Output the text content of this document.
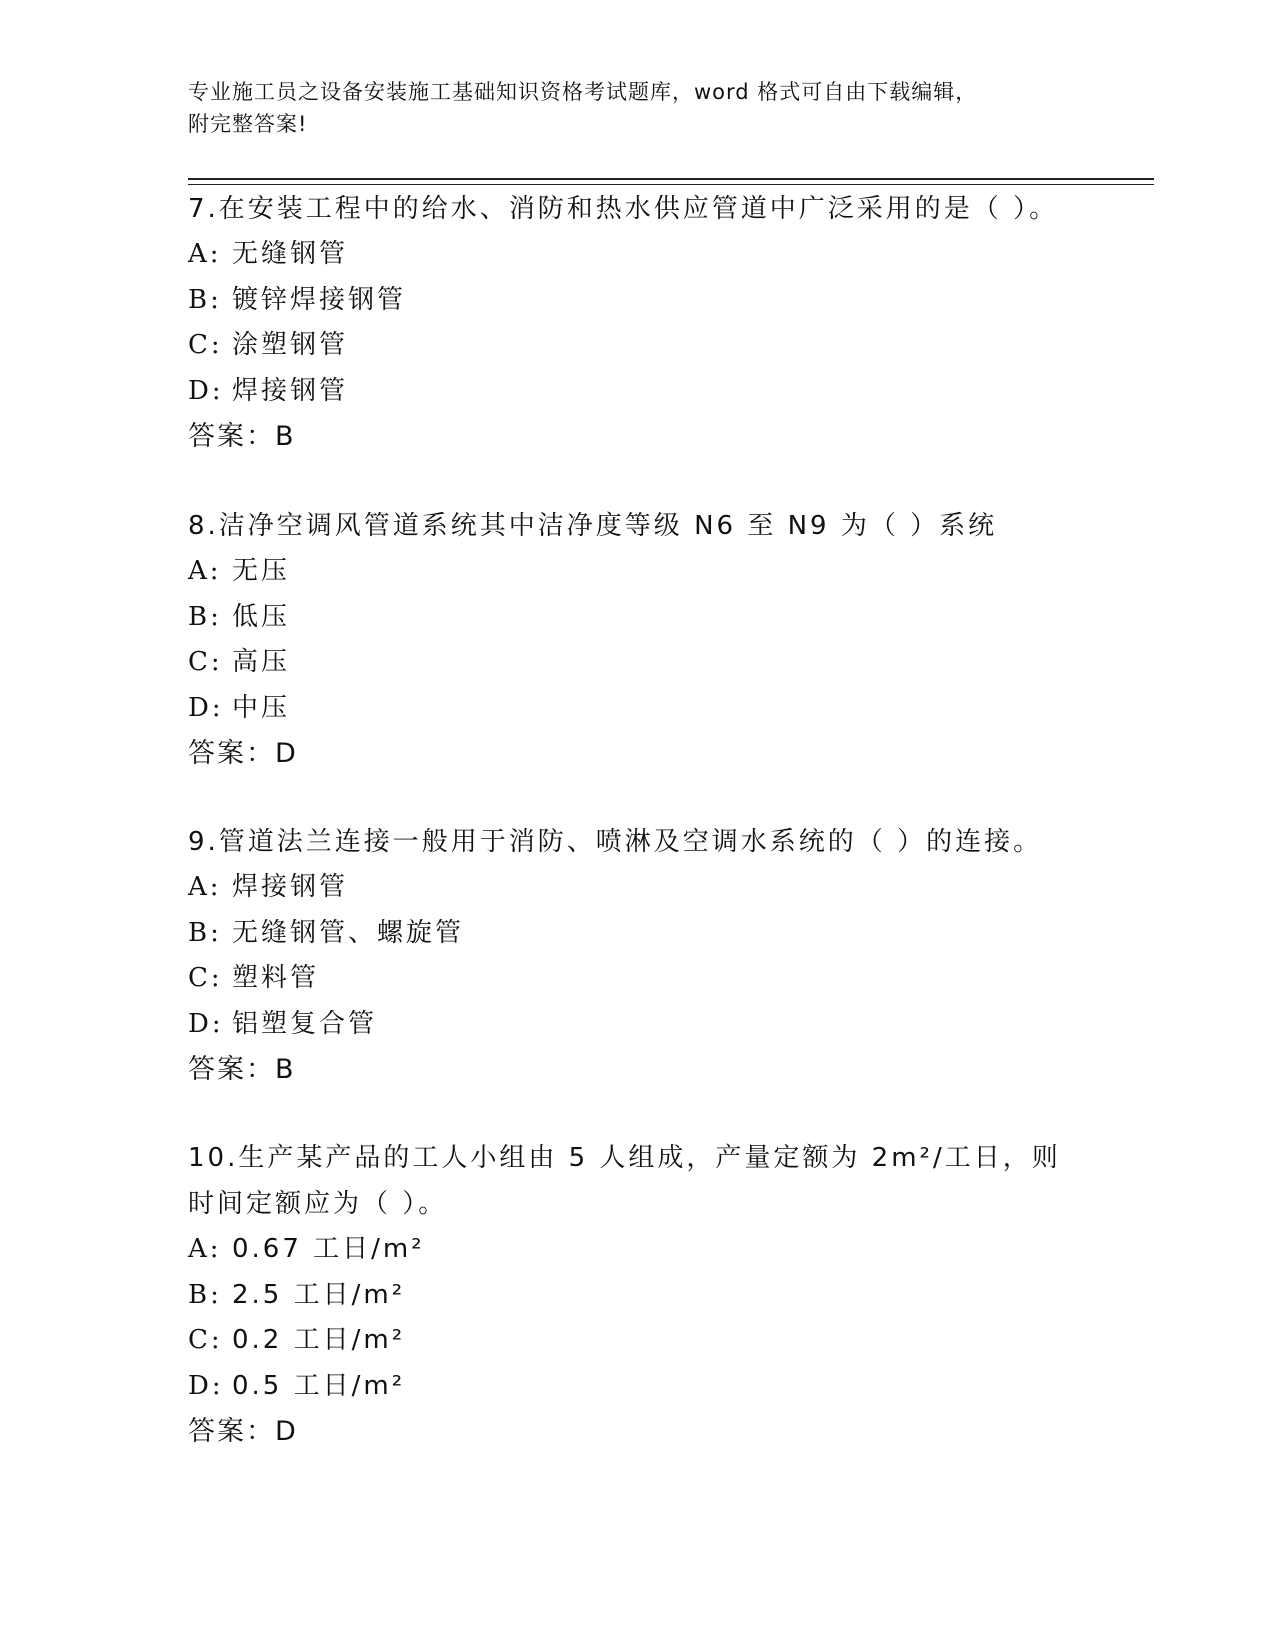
专业施工员之设备安装施工基础知识资格考试题库，word 格式可自由下载编辑，
附完整答案!
7.在安装工程中的给水、消防和热水供应管道中广泛采用的是（ ）。
A: 无缝钢管
B: 镀锌焊接钢管
C: 涂塑钢管
D: 焊接钢管
答案：B
8.洁净空调风管道系统其中洁净度等级 N6 至 N9 为（ ）系统
A: 无压
B: 低压
C: 高压
D: 中压
答案：D
9.管道法兰连接一般用于消防、喷淋及空调水系统的（ ）的连接。
A: 焊接钢管
B: 无缝钢管、螺旋管
C: 塑料管
D: 铝塑复合管
答案：B
10.生产某产品的工人小组由 5 人组成，产量定额为 2m²/工日，则时间定额应为（ ）。
A: 0.67 工日/m²
B: 2.5 工日/m²
C: 0.2 工日/m²
D: 0.5 工日/m²
答案：D
